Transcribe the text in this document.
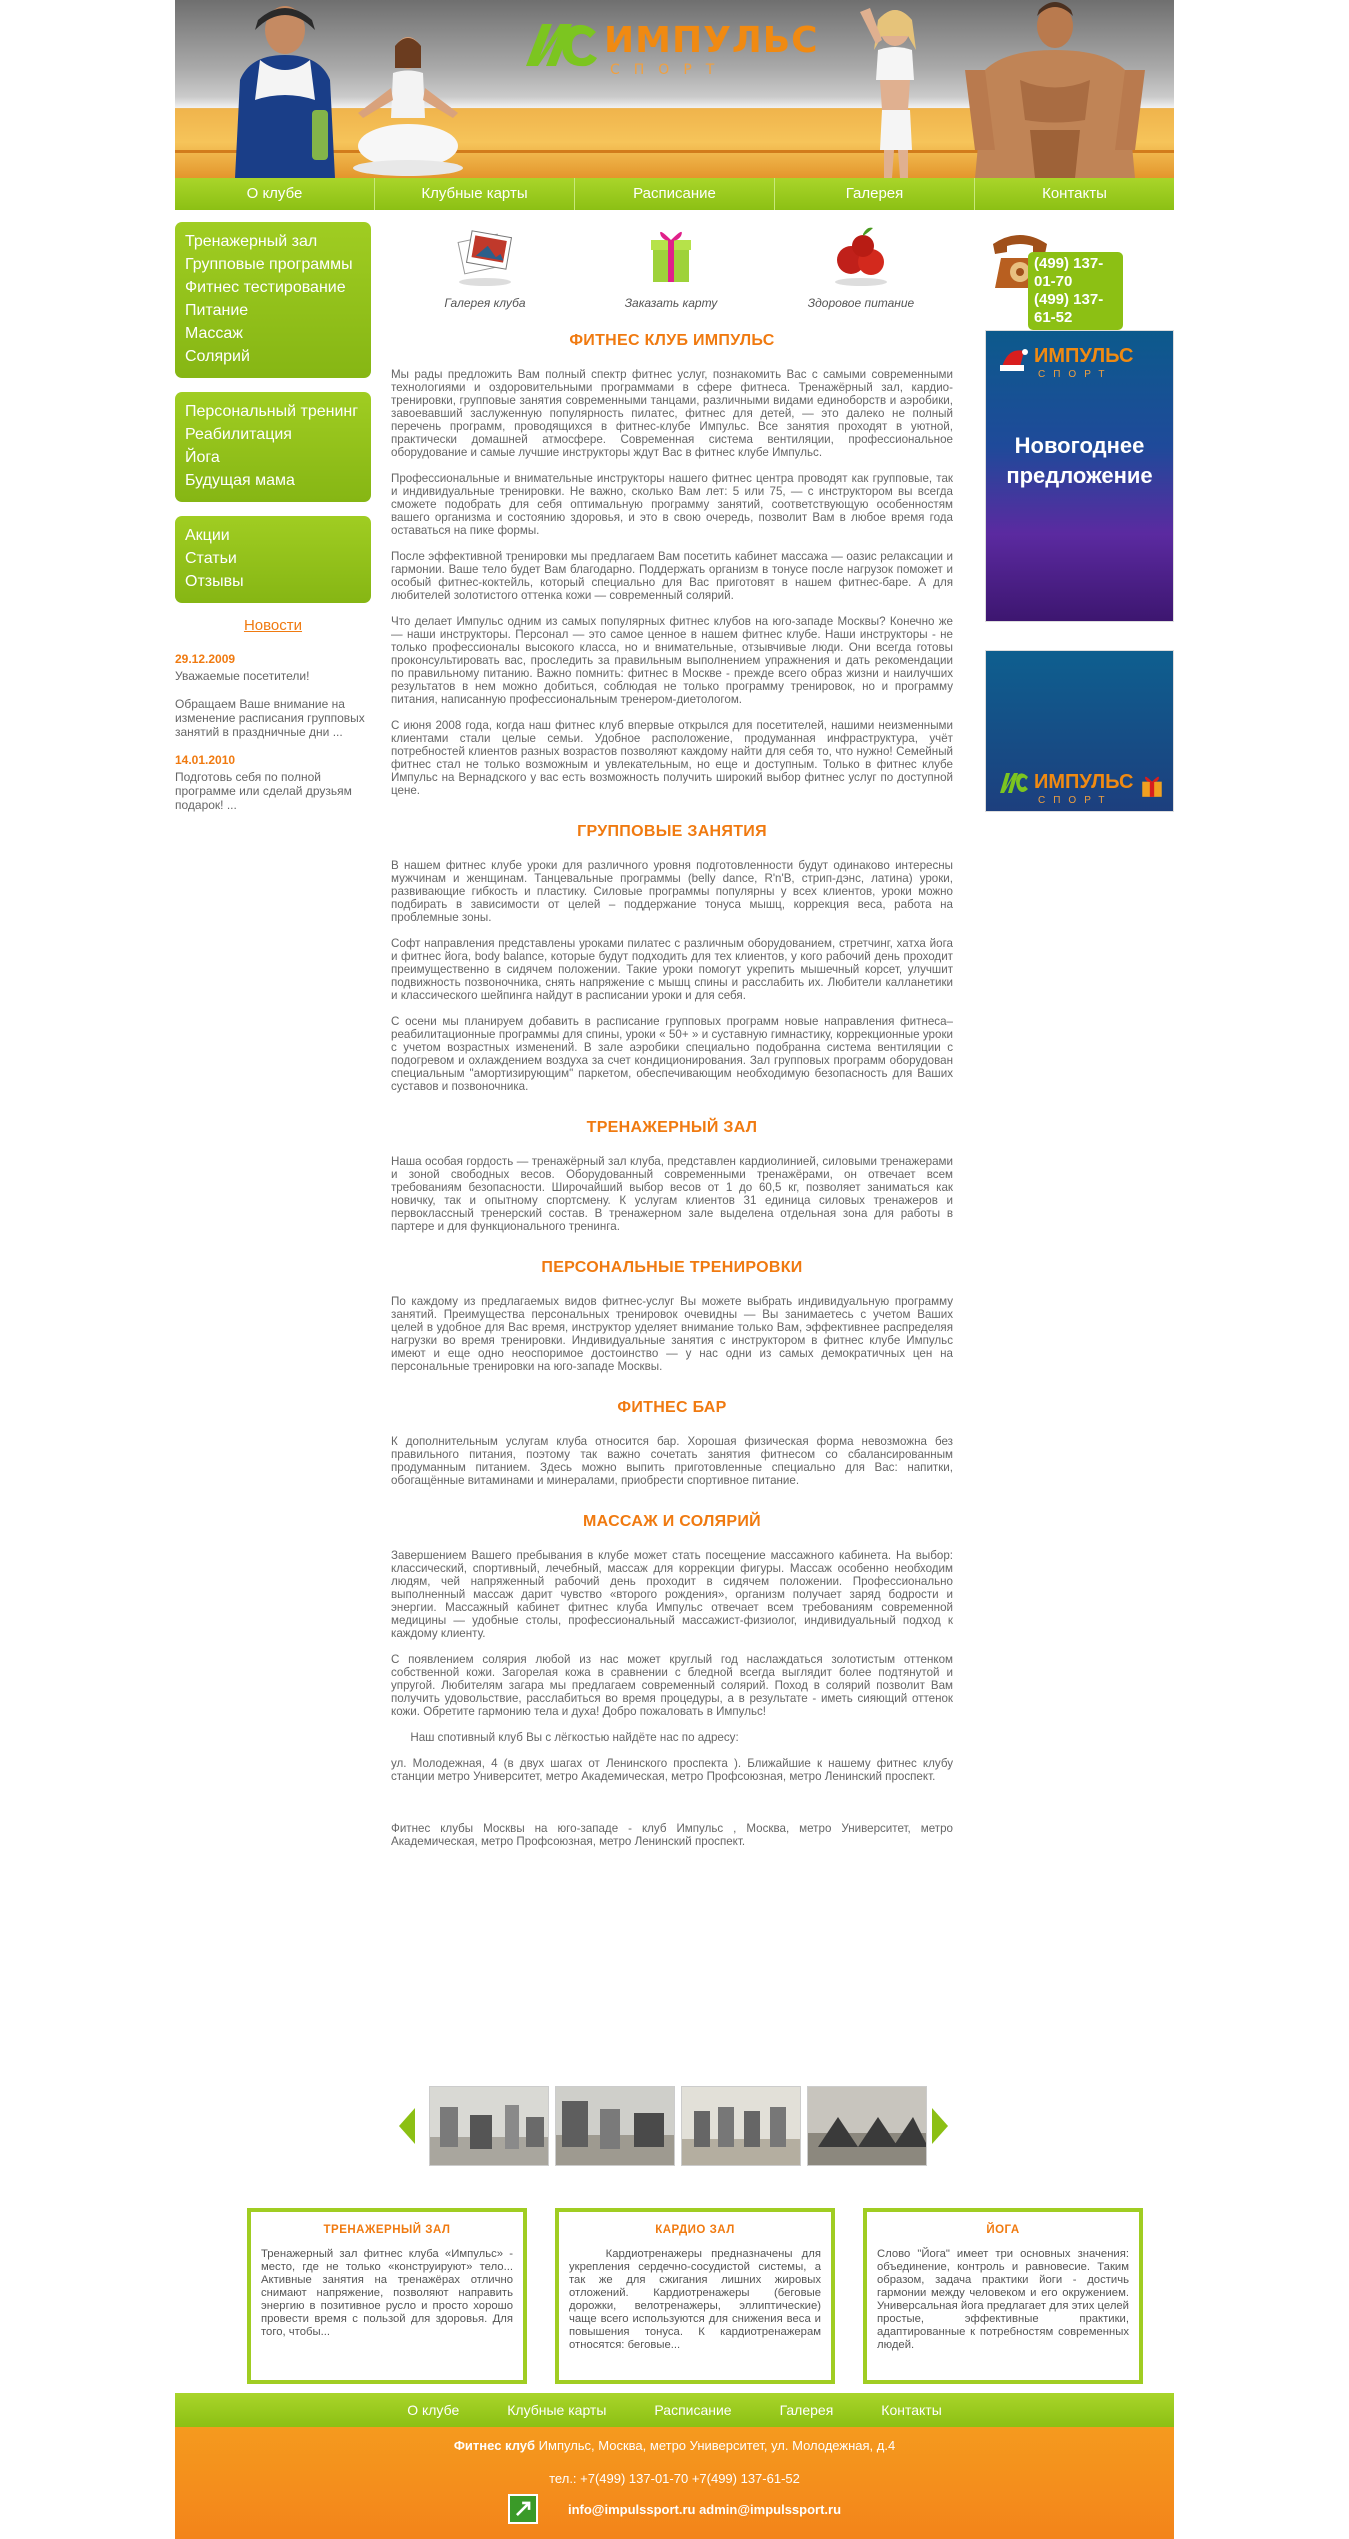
ИМПУЛЬС
СПОРТ
О клубе	Клубные карты	Расписание	Галерея	Контакты
Тренажерный зал
Групповые программы
Фитнес тестирование
Питание
Массаж
Солярий
Персональный тренинг
Реабилитация
Йога
Будущая мама
Акции
Статьи
Отзывы
Новости
29.12.2009
Уважаемые посетители!

Обращаем Ваше внимание на изменение расписания групповых занятий в праздничные дни ...
14.01.2010
Подготовь себя по полной программе или сделай друзьям подарок! ...
Галерея клуба	Заказать карту	Здоровое питание
ФИТНЕС КЛУБ ИМПУЛЬС

Мы рады предложить Вам полный спектр фитнес услуг, познакомить Вас с самыми современными технологиями и оздоровительными программами в сфере фитнеса. Тренажёрный зал, кардио-тренировки, групповые занятия современными танцами, различными видами единоборств и аэробики, завоевавший заслуженную популярность пилатес, фитнес для детей, — это далеко не полный перечень программ, проводящихся в фитнес-клубе Импульс. Все занятия проходят в уютной, практически домашней атмосфере. Современная система вентиляции, профессиональное оборудование и самые лучшие инструкторы ждут Вас в фитнес клубе Импульс.

Профессиональные и внимательные инструкторы нашего фитнес центра проводят как групповые, так и индивидуальные тренировки. Не важно, сколько Вам лет: 5 или 75, — с инструктором вы всегда сможете подобрать для себя оптимальную программу занятий, соответствующую особенностям вашего организма и состоянию здоровья, и это в свою очередь, позволит Вам в любое время года оставаться на пике формы.

После эффективной тренировки мы предлагаем Вам посетить кабинет массажа — оазис релаксации и гармонии. Ваше тело будет Вам благодарно. Поддержать организм в тонусе после нагрузок поможет и особый фитнес-коктейль, который специально для Вас приготовят в нашем фитнес-баре. А для любителей золотистого оттенка кожи — современный солярий.

Что делает Импульс одним из самых популярных фитнес клубов на юго-западе Москвы? Конечно же — наши инструкторы. Персонал — это самое ценное в нашем фитнес клубе. Наши инструкторы - не только профессионалы высокого класса, но и внимательные, отзывчивые люди. Они всегда готовы проконсультировать вас, проследить за правильным выполнением упражнения и дать рекомендации по правильному питанию. Важно помнить: фитнес в Москве - прежде всего образ жизни и наилучших результатов в нем можно добиться, соблюдая не только программу тренировок, но и программу питания, написанную профессиональным тренером-диетологом.

С июня 2008 года, когда наш фитнес клуб впервые открылся для посетителей, нашими неизменными клиентами стали целые семьи. Удобное расположение, продуманная инфраструктура, учёт потребностей клиентов разных возрастов позволяют каждому найти для себя то, что нужно! Семейный фитнес стал не только возможным и увлекательным, но еще и доступным. Только в фитнес клубе Импульс на Вернадского у вас есть возможность получить широкий выбор фитнес услуг по доступной цене.

ГРУППОВЫЕ ЗАНЯТИЯ

В нашем фитнес клубе уроки для различного уровня подготовленности будут одинаково интересны мужчинам и женщинам. Танцевальные программы (belly dance, R'n'B, стрип-дэнс, латина) уроки, развивающие гибкость и пластику. Силовые программы популярны у всех клиентов, уроки можно подбирать в зависимости от целей – поддержание тонуса мышц, коррекция веса, работа на проблемные зоны.

Софт направления представлены уроками пилатес с различным оборудованием, стретчинг, хатха йога и фитнес йога, body balance, которые будут подходить для тех клиентов, у кого рабочий день проходит преимущественно в сидячем положении. Такие уроки помогут укрепить мышечный корсет, улучшит подвижность позвоночника, снять напряжение с мышц спины и расслабить их. Любители калланетики и классического шейпинга найдут в расписании уроки и для себя.

С осени мы планируем добавить в расписание групповых программ новые направления фитнеса– реабилитационные программы для спины, уроки « 50+ » и суставную гимнастику, коррекционные уроки с учетом возрастных изменений. В зале аэробики специально подобранна система вентиляции с подогревом и охлаждением воздуха за счет кондиционирования. Зал групповых программ оборудован специальным "амортизирующим" паркетом, обеспечивающим необходимую безопасность для Ваших суставов и позвоночника.

ТРЕНАЖЕРНЫЙ ЗАЛ

Наша особая гордость — тренажёрный зал клуба, представлен кардиолинией, силовыми тренажерами и зоной свободных весов. Оборудованный современными тренажёрами, он отвечает всем требованиям безопасности. Широчайший выбор весов от 1 до 60,5 кг, позволяет заниматься как новичку, так и опытному спортсмену. К услугам клиентов 31 единица силовых тренажеров и первоклассный тренерский состав. В тренажерном зале выделена отдельная зона для работы в партере и для функционального тренинга.

ПЕРСОНАЛЬНЫЕ ТРЕНИРОВКИ

По каждому из предлагаемых видов фитнес-услуг Вы можете выбрать индивидуальную программу занятий. Преимущества персональных тренировок очевидны — Вы занимаетесь с учетом Ваших целей в удобное для Вас время, инструктор уделяет внимание только Вам, эффективнее распределяя нагрузки во время тренировки. Индивидуальные занятия с инструктором в фитнес клубе Импульс имеют и еще одно неоспоримое достоинство — у нас одни из самых демократичных цен на персональные тренировки на юго-западе Москвы.

ФИТНЕС БАР

К дополнительным услугам клуба относится бар. Хорошая физическая форма невозможна без правильного питания, поэтому так важно сочетать занятия фитнесом со сбалансированным продуманным питанием. Здесь можно выпить приготовленные специально для Вас: напитки, обогащённые витаминами и минералами, приобрести спортивное питание.

МАССАЖ И СОЛЯРИЙ

Завершением Вашего пребывания в клубе может стать посещение массажного кабинета. На выбор: классический, спортивный, лечебный, массаж для коррекции фигуры. Массаж особенно необходим людям, чей напряженный рабочий день проходит в сидячем положении. Профессионально выполненный массаж дарит чувство «второго рождения», организм получает заряд бодрости и энергии. Массажный кабинет фитнес клуба Импульс отвечает всем требованиям современной медицины — удобные столы, профессиональный массажист-физиолог, индивидуальный подход к каждому клиенту.

С появлением солярия любой из нас может круглый год наслаждаться золотистым оттенком собственной кожи. Загорелая кожа в сравнении с бледной всегда выглядит более подтянутой и упругой. Любителям загара мы предлагаем современный солярий. Поход в солярий позволит Вам получить удовольствие, расслабиться во время процедуры, а в результате - иметь сияющий оттенок кожи. Обретите гармонию тела и духа! Добро пожаловать в Импульс!

Наш спотивный клуб Вы с лёгкостью найдёте нас по адресу:

ул. Молодежная, 4 (в двух шагах от Ленинского проспекта ). Ближайшие к нашему фитнес клубу станции метро Университет, метро Академическая, метро Профсоюзная, метро Ленинский проспект.

Фитнес клубы Москвы на юго-западе - клуб Импульс , Москва, метро Университет, метро Академическая, метро Профсоюзная, метро Ленинский проспект.

(499) 137-01-70
(499) 137-61-52
ИМПУЛЬС
СПОРТ
Новогоднее предложение
ИМПУЛЬС
СПОРТ
ТРЕНАЖЕРНЫЙ ЗАЛ

Тренажерный зал фитнес клуба «Импульс» - место, где не только «конструируют» тело... Активные занятия на тренажёрах отлично снимают напряжение, позволяют направить энергию в позитивное русло и просто хорошо провести время с пользой для здоровья. Для того, чтобы...

КАРДИО ЗАЛ

Кардиотренажеры предназначены для укрепления сердечно-сосудистой системы, а так же для сжигания лишних жировых отложений. Кардиотренажеры (беговые дорожки, велотренажеры, эллиптические) чаще всего используются для снижения веса и повышения тонуса. К кардиотренажерам относятся: беговые...

ЙОГА

Слово "Йога" имеет три основных значения: объединение, контроль и равновесие. Таким образом, задача практики йоги - достичь гармонии между человеком и его окружением. Универсальная йога предлагает для этих целей простые, эффективные практики, адаптированные к потребностям современных людей.

О клубе	Клубные карты	Расписание	Галерея	Контакты
Фитнес клуб Импульс, Москва, метро Университет, ул. Молодежная, д.4
тел.: +7(499) 137-01-70 +7(499) 137-61-52
info@impulssport.ru admin@impulssport.ru
